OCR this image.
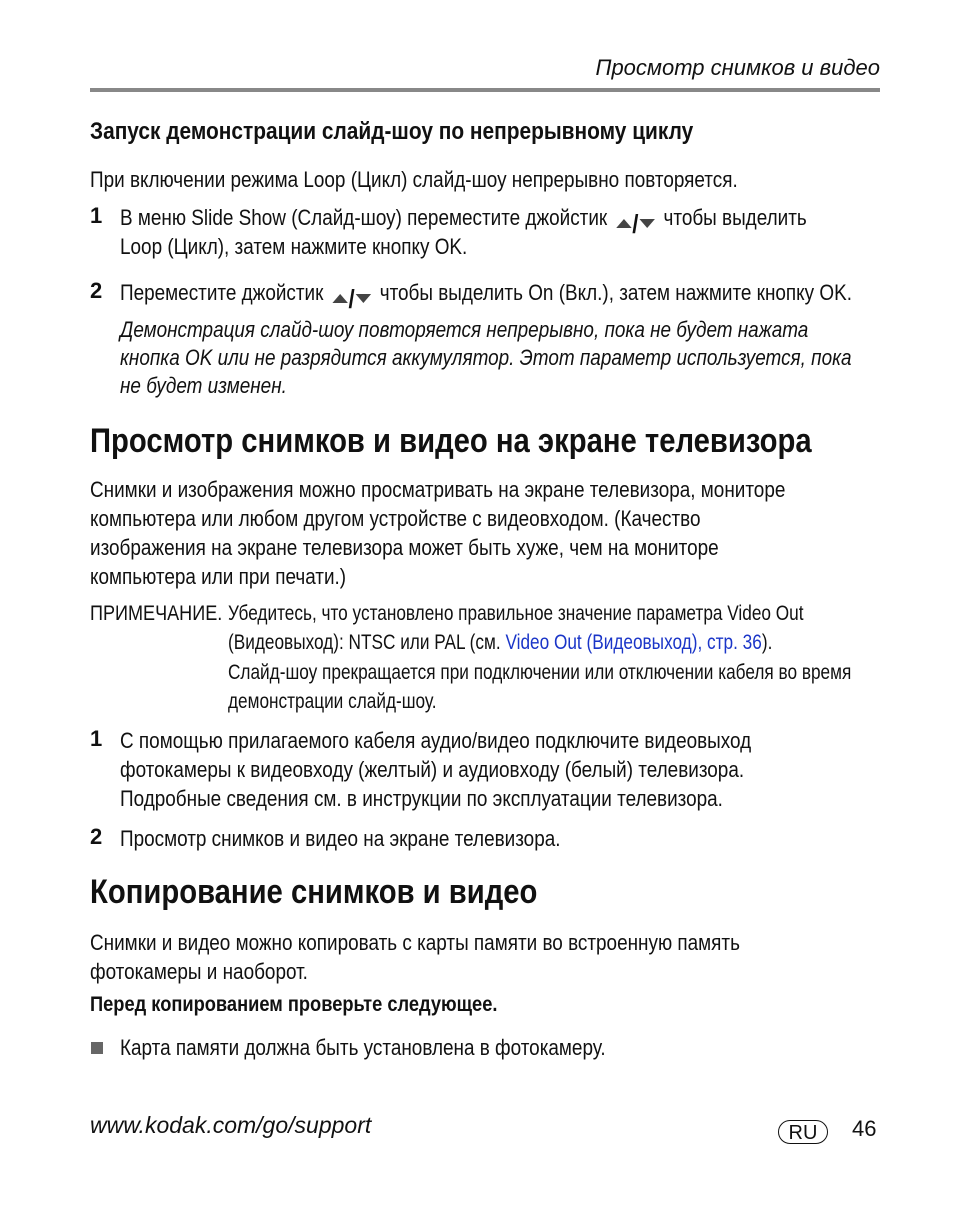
Просмотр снимков и видео
Запуск демонстрации слайд-шоу по непрерывному циклу
При включении режима Loop (Цикл) слайд-шоу непрерывно повторяется.
1 В меню Slide Show (Слайд-шоу) переместите джойстик / чтобы выделить
Loop (Цикл), затем нажмите кнопку OK.
2 Переместите джойстик / чтобы выделить On (Вкл.), затем нажмите кнопку OK.
Демонстрация слайд-шоу повторяется непрерывно, пока не будет нажата
кнопка OK или не разрядится аккумулятор. Этот параметр используется, пока
не будет изменен.
Просмотр снимков и видео на экране телевизора
Снимки и изображения можно просматривать на экране телевизора, мониторе
компьютера или любом другом устройстве с видеовходом. (Качество
изображения на экране телевизора может быть хуже, чем на мониторе
компьютера или при печати.)
ПРИМЕЧАНИЕ. Убедитесь, что установлено правильное значение параметра Video Out
(Видеовыход): NTSC или PAL (см. Video Out (Видеовыход), стр. 36).
Слайд-шоу прекращается при подключении или отключении кабеля во время
демонстрации слайд-шоу.
1 С помощью прилагаемого кабеля аудио/видео подключите видеовыход
фотокамеры к видеовходу (желтый) и аудиовходу (белый) телевизора.
Подробные сведения см. в инструкции по эксплуатации телевизора.
2 Просмотр снимков и видео на экране телевизора.
Копирование снимков и видео
Снимки и видео можно копировать с карты памяти во встроенную память
фотокамеры и наоборот.
Перед копированием проверьте следующее.
Карта памяти должна быть установлена в фотокамеру.
www.kodak.com/go/support	RU	46
